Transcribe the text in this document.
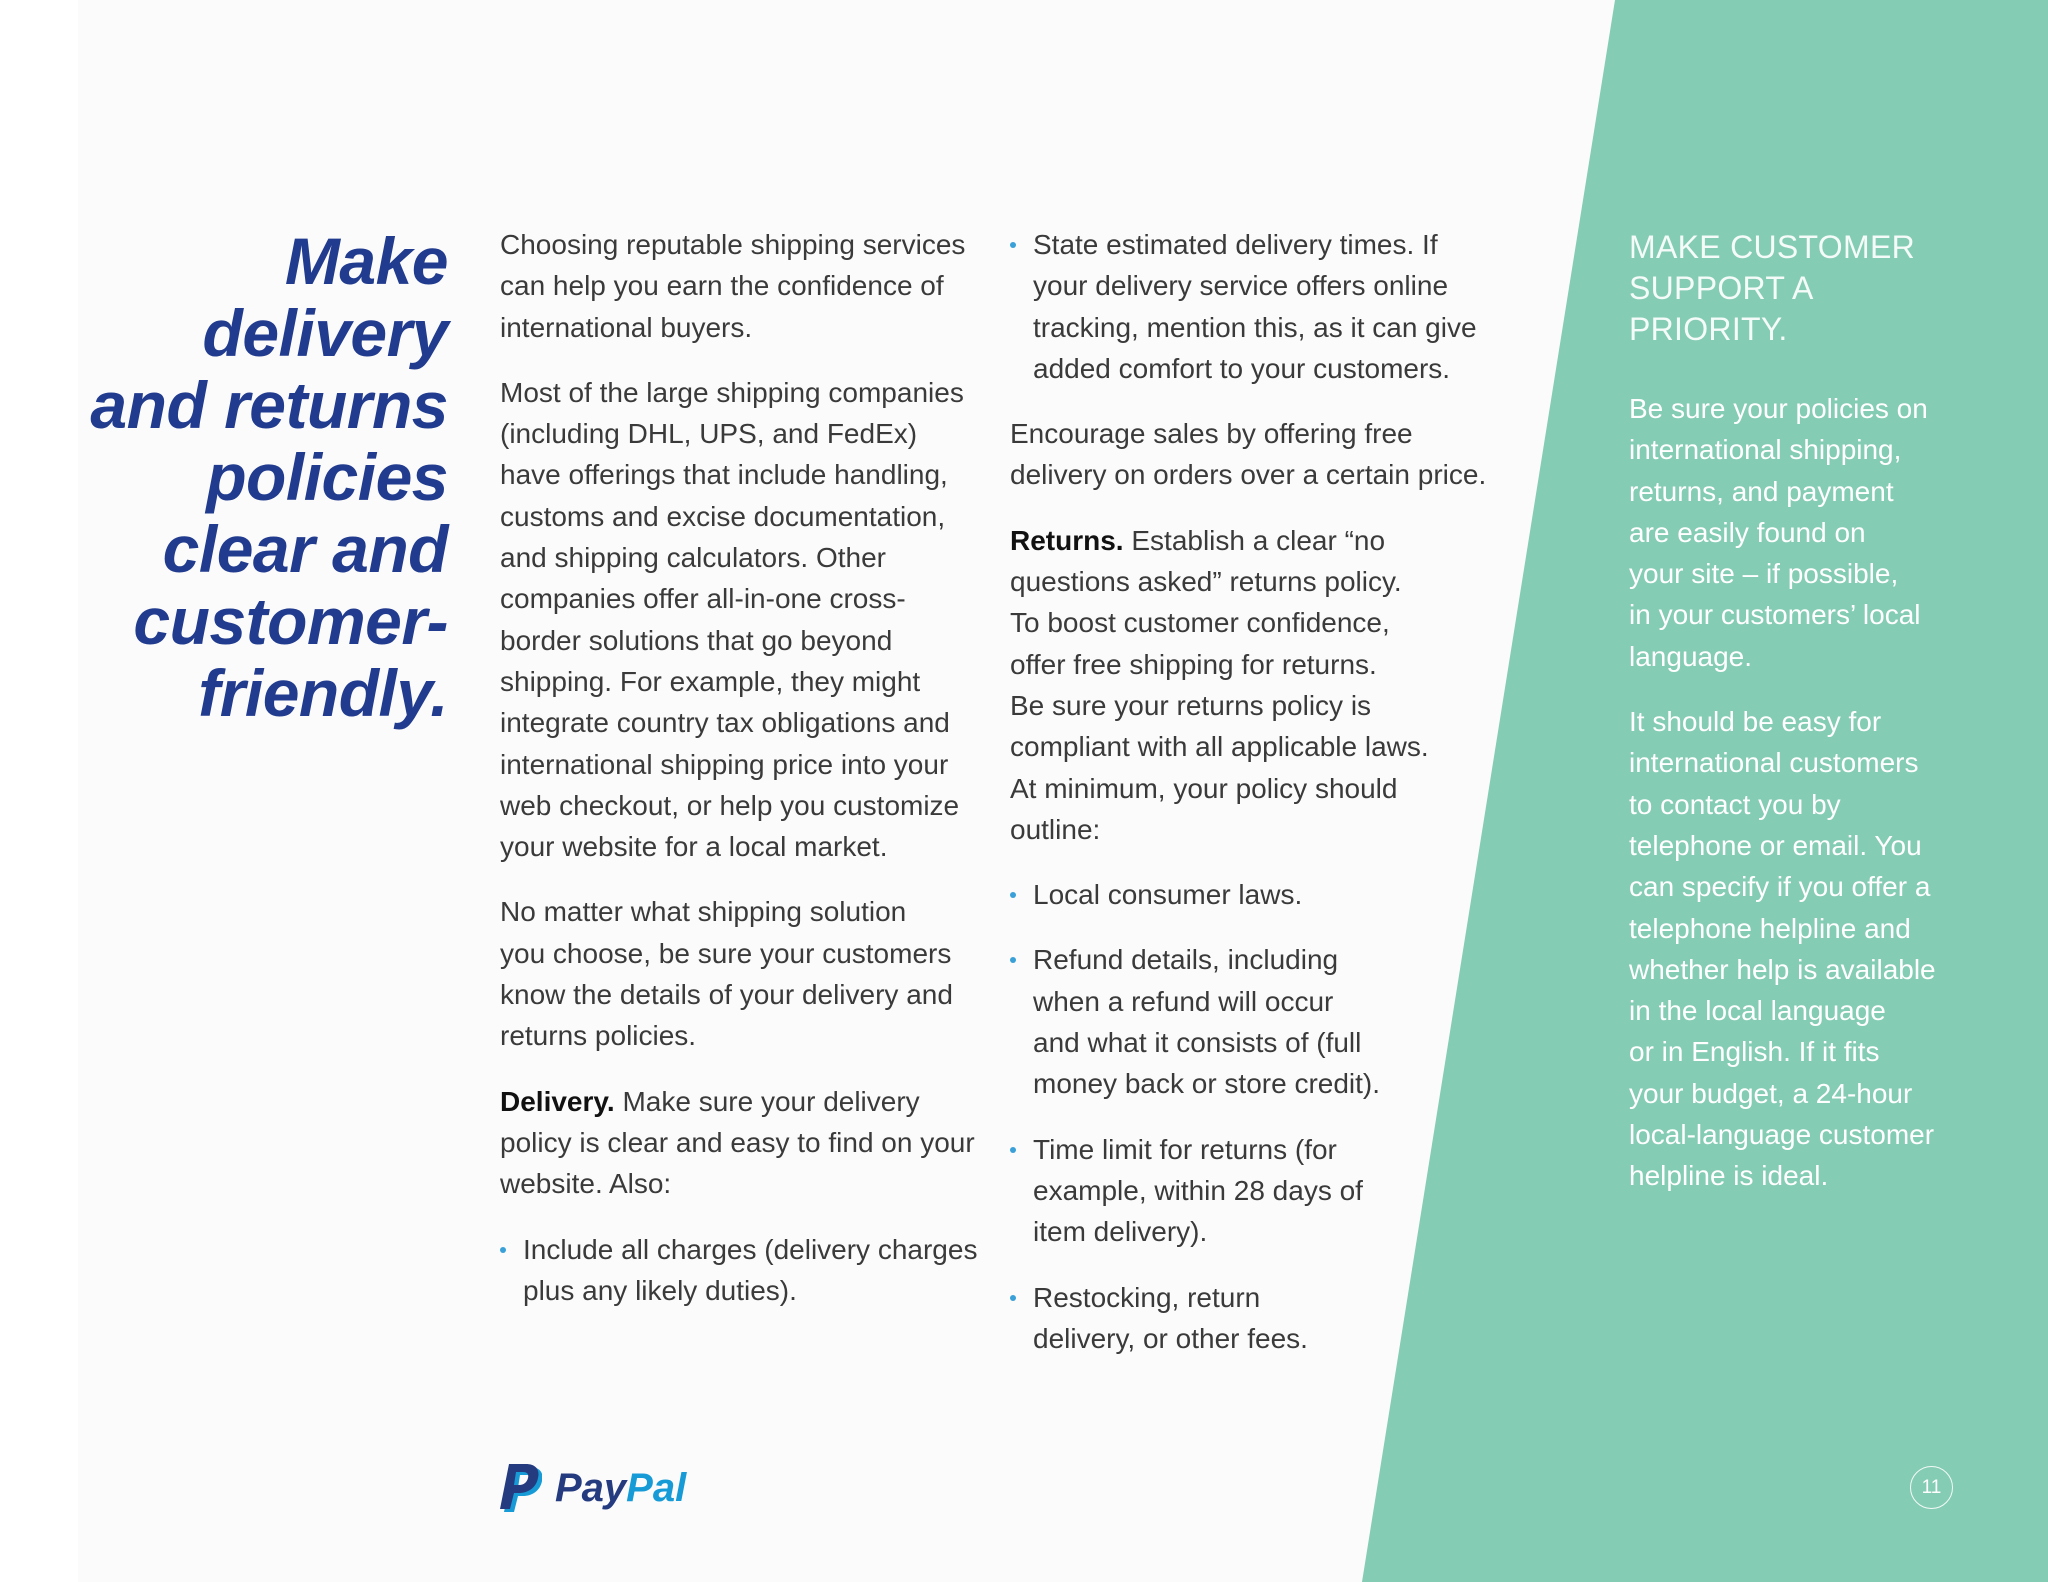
Make
delivery
and returns
policies
clear and
customer-
friendly.

Choosing reputable shipping services
can help you earn the confidence of
international buyers.

Most of the large shipping companies
(including DHL, UPS, and FedEx)
have offerings that include handling,
customs and excise documentation,
and shipping calculators. Other
companies offer all-in-one cross-
border solutions that go beyond
shipping. For example, they might
integrate country tax obligations and
international shipping price into your
web checkout, or help you customize
your website for a local market.

No matter what shipping solution
you choose, be sure your customers
know the details of your delivery and
returns policies.

Delivery. Make sure your delivery
policy is clear and easy to find on your
website. Also:

Include all charges (delivery charges
plus any likely duties).
State estimated delivery times. If
your delivery service offers online
tracking, mention this, as it can give
added comfort to your customers.

Encourage sales by offering free
delivery on orders over a certain price.

Returns. Establish a clear “no
questions asked” returns policy.
To boost customer confidence,
offer free shipping for returns.
Be sure your returns policy is
compliant with all applicable laws.
At minimum, your policy should
outline:

Local consumer laws.
Refund details, including
when a refund will occur
and what it consists of (full
money back or store credit).
Time limit for returns (for
example, within 28 days of
item delivery).
Restocking, return
delivery, or other fees.
MAKE CUSTOMER
SUPPORT A
PRIORITY.

Be sure your policies on
international shipping,
returns, and payment
are easily found on
your site – if possible,
in your customers’ local
language.

It should be easy for
international customers
to contact you by
telephone or email. You
can specify if you offer a
telephone helpline and
whether help is available
in the local language
or in English. If it fits
your budget, a 24-hour
local-language customer
helpline is ideal.

PayPal	11
